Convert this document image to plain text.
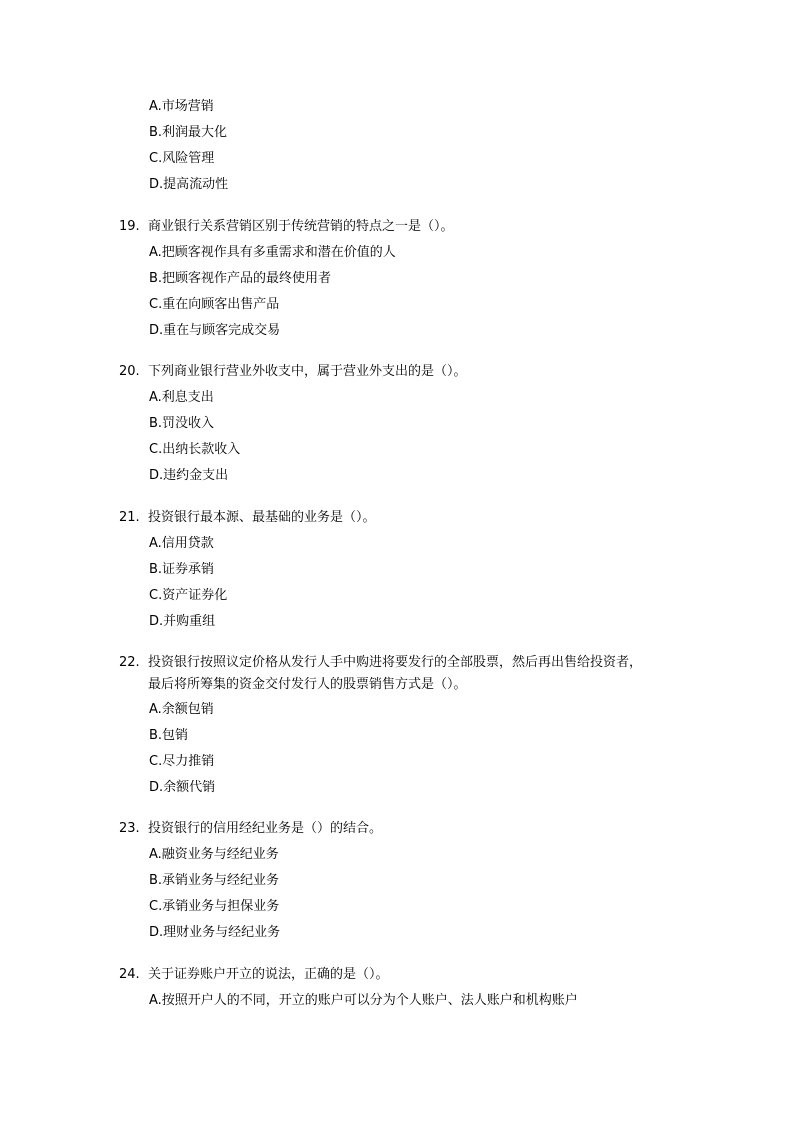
A.市场营销
B.利润最大化
C.风险管理
D.提高流动性
19. 商业银行关系营销区别于传统营销的特点之一是（）。
A.把顾客视作具有多重需求和潜在价值的人
B.把顾客视作产品的最终使用者
C.重在向顾客出售产品
D.重在与顾客完成交易
20. 下列商业银行营业外收支中，属于营业外支出的是（）。
A.利息支出
B.罚没收入
C.出纳长款收入
D.违约金支出
21. 投资银行最本源、最基础的业务是（）。
A.信用贷款
B.证券承销
C.资产证券化
D.并购重组
22. 投资银行按照议定价格从发行人手中购进将要发行的全部股票，然后再出售给投资者，
最后将所筹集的资金交付发行人的股票销售方式是（）。
A.余额包销
B.包销
C.尽力推销
D.余额代销
23. 投资银行的信用经纪业务是（）的结合。
A.融资业务与经纪业务
B.承销业务与经纪业务
C.承销业务与担保业务
D.理财业务与经纪业务
24. 关于证券账户开立的说法，正确的是（）。
A.按照开户人的不同，开立的账户可以分为个人账户、法人账户和机构账户
